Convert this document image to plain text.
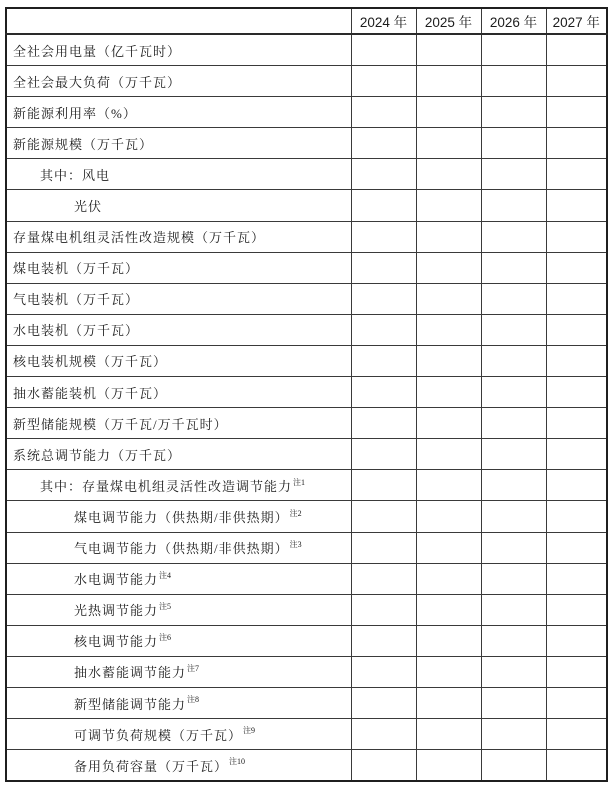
	2024 年	2025 年	2026 年	2027 年
全社会用电量（亿千瓦时）				
全社会最大负荷（万千瓦）				
新能源利用率（%）				
新能源规模（万千瓦）				
其中：风电				
光伏				
存量煤电机组灵活性改造规模（万千瓦）				
煤电装机（万千瓦）				
气电装机（万千瓦）				
水电装机（万千瓦）				
核电装机规模（万千瓦）				
抽水蓄能装机（万千瓦）				
新型储能规模（万千瓦/万千瓦时）				
系统总调节能力（万千瓦）				
其中：存量煤电机组灵活性改造调节能力$^{注1}$				
煤电调节能力（供热期/非供热期）$^{注2}$				
气电调节能力（供热期/非供热期）$^{注3}$				
水电调节能力$^{注4}$				
光热调节能力$^{注5}$				
核电调节能力$^{注6}$				
抽水蓄能调节能力$^{注7}$				
新型储能调节能力$^{注8}$				
可调节负荷规模（万千瓦）$^{注9}$				
备用负荷容量（万千瓦）$^{注10}$				
